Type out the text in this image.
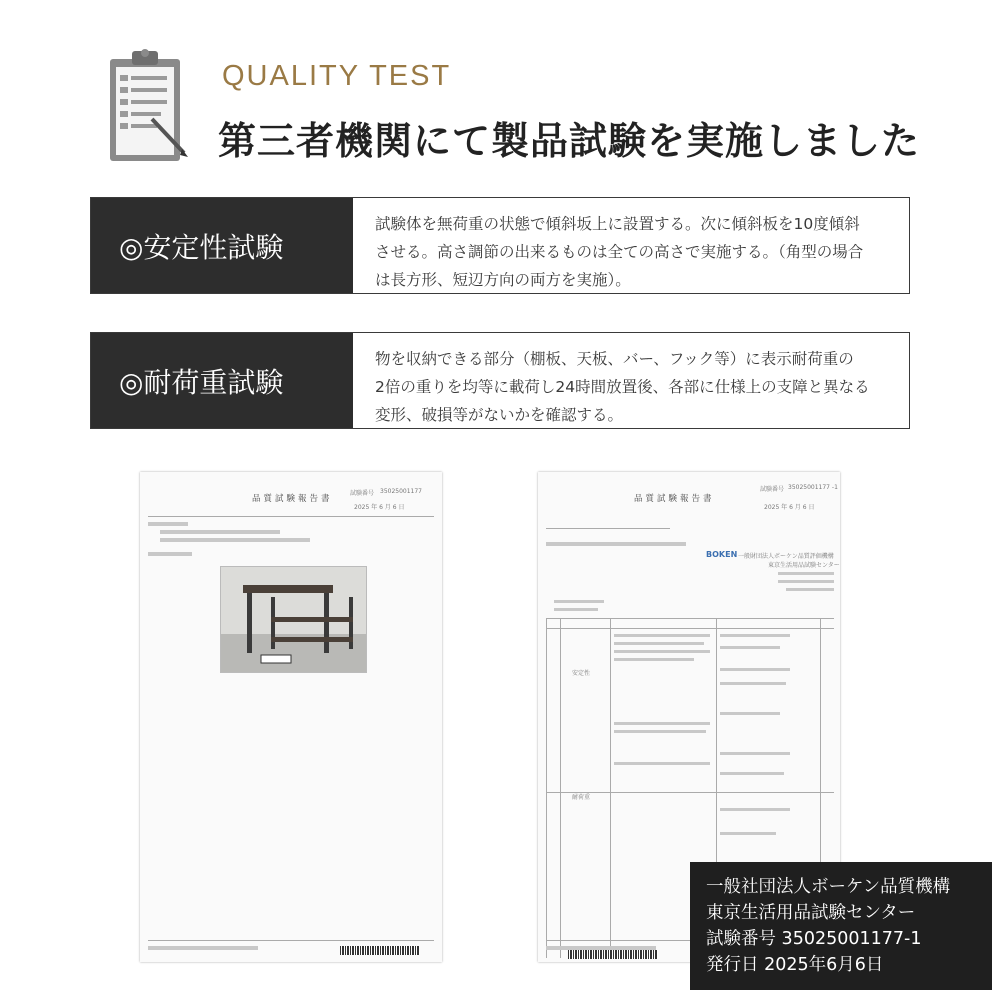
QUALITY TEST
第三者機関にて製品試験を実施しました
◎安定性試験
試験体を無荷重の状態で傾斜坂上に設置する。次に傾斜板を10度傾斜
させる。高さ調節の出来るものは全ての高さで実施する。（角型の場合
は長方形、短辺方向の両方を実施）。
◎耐荷重試験
物を収納できる部分（棚板、天板、バー、フック等）に表示耐荷重の
2倍の重りを均等に載荷し24時間放置後、各部に仕様上の支障と異なる
変形、破損等がないかを確認する。
品質試験報告書
試験番号 35025001177
2025 年 6 月 6 日
品質試験報告書
試験番号 35025001177 -1
2025 年 6 月 6 日
BOKEN 一般財団法人ボーケン品質評価機構
東京生活用品試験センター
安定性
耐荷重
一般社団法人ボーケン品質機構
東京生活用品試験センター
試験番号 35025001177-1
発行日 2025年6月6日
